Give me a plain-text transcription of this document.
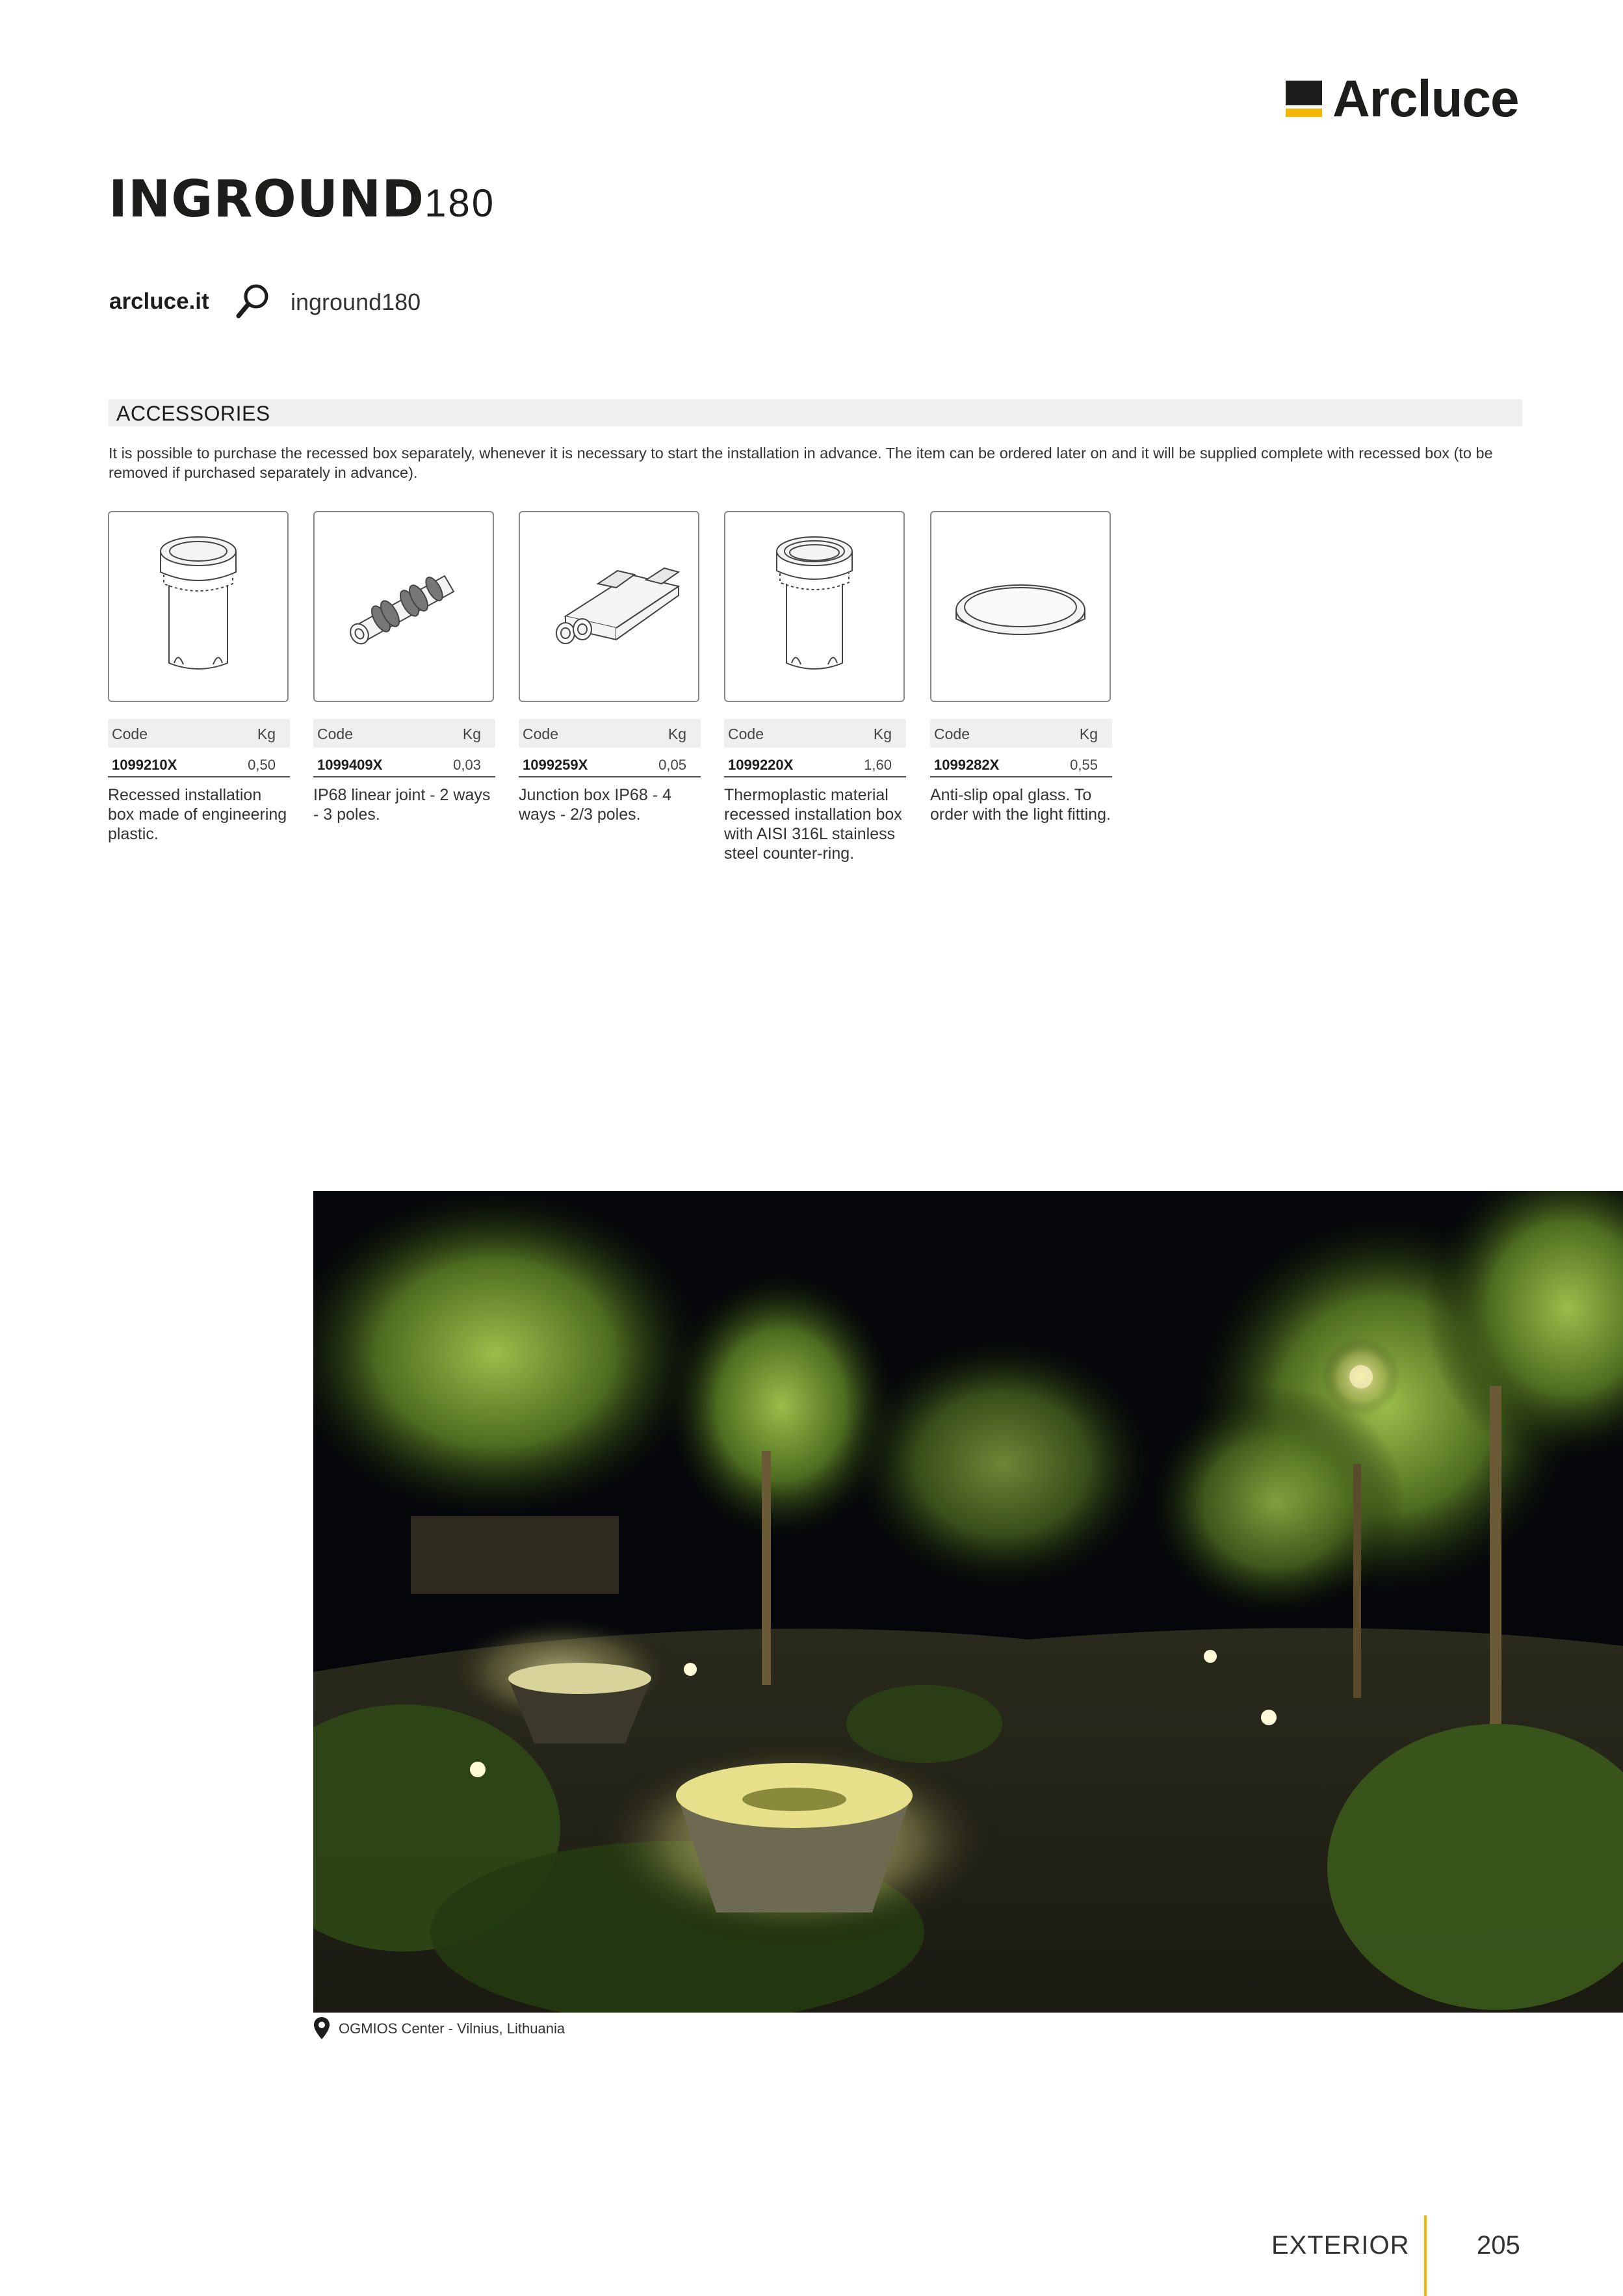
Arcluce
INGROUND180
arcluce.it	inground180
ACCESSORIES
It is possible to purchase the recessed box separately, whenever it is necessary to start the installation in advance. The item can be ordered later on and it will be supplied complete with recessed box (to be removed if purchased separately in advance).
Code	Kg
1099210X	0,50
Recessed installation box made of engineering plastic.
Code	Kg
1099409X	0,03
IP68 linear joint - 2 ways - 3 poles.
Code	Kg
1099259X	0,05
Junction box IP68 - 4 ways - 2/3 poles.
Code	Kg
1099220X	1,60
Thermoplastic material recessed installation box with AISI 316L stainless steel counter-ring.
Code	Kg
1099282X	0,55
Anti-slip opal glass. To order with the light fitting.
OGMIOS Center - Vilnius, Lithuania
EXTERIOR	205
